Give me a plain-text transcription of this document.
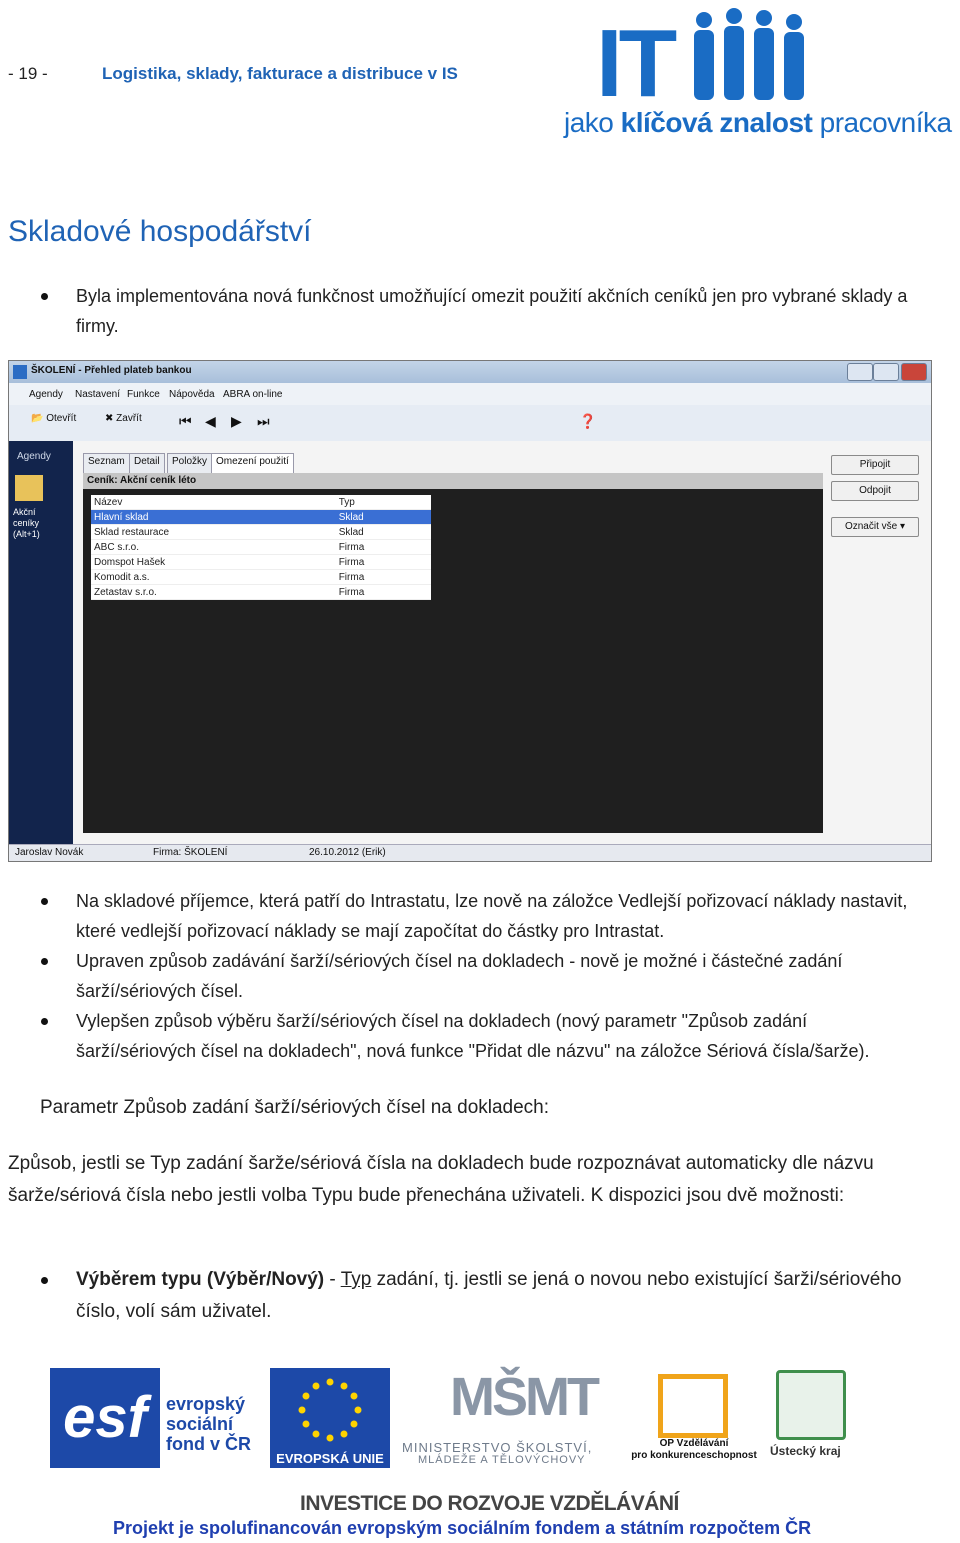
- 19 -	Logistika, sklady, fakturace a distribuce v IS IT
jako klíčová znalost pracovníka
Skladové hospodářství
Byla implementována nová funkčnost umožňující omezit použití akčních ceníků jen pro vybrané sklady a firmy.
ŠKOLENÍ - Přehled plateb bankou
Agendy Nastavení Funkce Nápověda ABRA on-line
📂 Otevřít	✖ Zavřít	⏮ ◀ ▶ ⏭	❓
Agendy
Akční ceníky (Alt+1)
Seznam Detail	Položky Omezení použití
Ceník: Akční ceník léto
Název	Typ
Hlavní sklad	Sklad
Sklad restaurace	Sklad
ABC s.r.o.	Firma
Domspot Hašek	Firma
Komodit a.s.	Firma
Zetastav s.r.o.	Firma
Připojit
Odpojit
Označit vše ▾
Jaroslav Novák	Firma: ŠKOLENÍ	26.10.2012 (Erik)
Na skladové příjemce, která patří do Intrastatu, lze nově na záložce Vedlejší pořizovací náklady nastavit, které vedlejší pořizovací náklady se mají započítat do částky pro Intrastat.
Upraven způsob zadávání šarží/sériových čísel na dokladech - nově je možné i částečné zadání šarží/sériových čísel.
Vylepšen způsob výběru šarží/sériových čísel na dokladech (nový parametr "Způsob zadání šarží/sériových čísel na dokladech", nová funkce "Přidat dle názvu" na záložce Sériová čísla/šarže).
Parametr Způsob zadání šarží/sériových čísel na dokladech:
Způsob, jestli se Typ zadání šarže/sériová čísla na dokladech bude rozpoznávat automaticky dle názvu šarže/sériová čísla nebo jestli volba Typu bude přenechána uživateli. K dispozici jsou dvě možnosti:
Výběrem typu (Výběr/Nový) - Typ zadání, tj. jestli se jená o novou nebo existující šarži/sériového číslo, volí sám uživatel.
esf	evropský
sociální
fond v ČR
EVROPSKÁ UNIE
MŠMT
MINISTERSTVO ŠKOLSTVÍ,
MLÁDEŽE A TĚLOVÝCHOVY
OP Vzdělávání
pro konkurenceschopnost	Ústecký kraj
INVESTICE DO ROZVOJE VZDĚLÁVÁNÍ
Projekt je spolufinancován evropským sociálním fondem a státním rozpočtem ČR
